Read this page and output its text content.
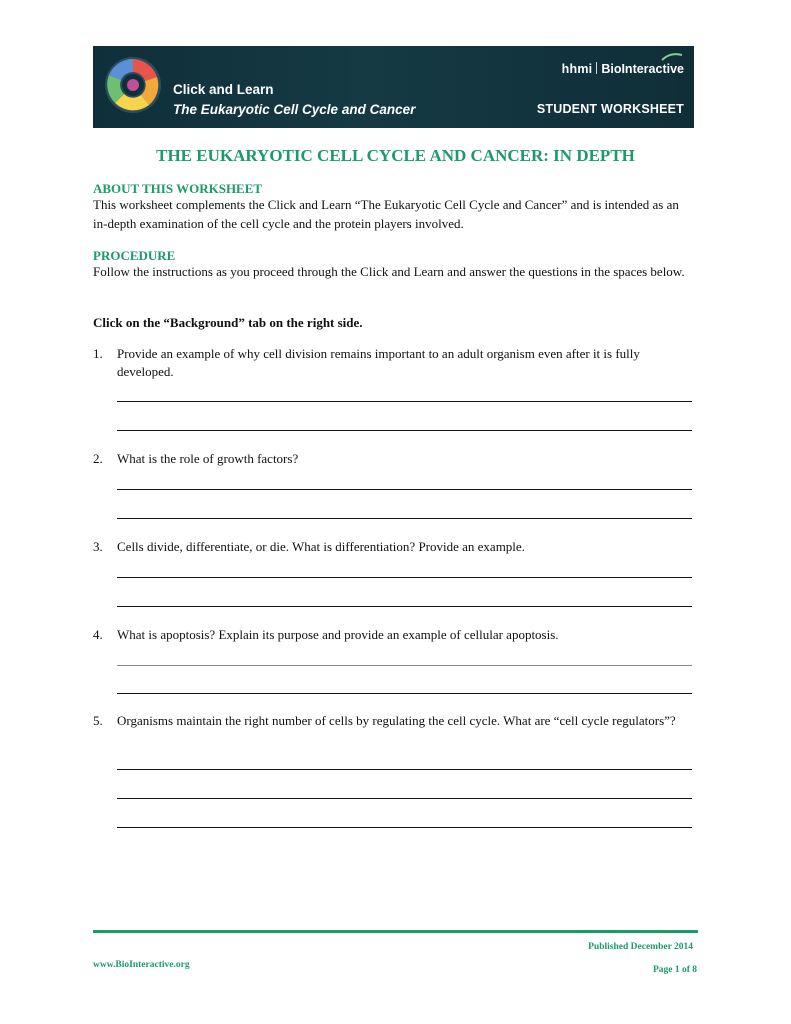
Click and Learn
The Eukaryotic Cell Cycle and Cancer
hhmi BioInteractive
STUDENT WORKSHEET
THE EUKARYOTIC CELL CYCLE AND CANCER: IN DEPTH
ABOUT THIS WORKSHEET
This worksheet complements the Click and Learn “The Eukaryotic Cell Cycle and Cancer” and is intended as an in-depth examination of the cell cycle and the protein players involved.
PROCEDURE
Follow the instructions as you proceed through the Click and Learn and answer the questions in the spaces below.
Click on the “Background” tab on the right side.
1. Provide an example of why cell division remains important to an adult organism even after it is fully developed.
2. What is the role of growth factors?
3. Cells divide, differentiate, or die. What is differentiation? Provide an example.
4. What is apoptosis? Explain its purpose and provide an example of cellular apoptosis.
5. Organisms maintain the right number of cells by regulating the cell cycle. What are “cell cycle regulators”?
Published December 2014
www.BioInteractive.org	Page 1 of 8
